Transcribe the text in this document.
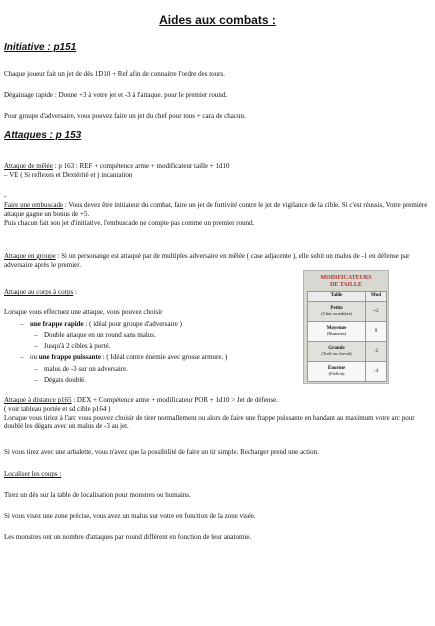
Aides aux combats :
Initiative : p151

Chaque joueur fait un jet de dès 1D10 + Ref afin de connaitre l'ordre des tours.

Dégainage rapide : Donne +3 à votre jet et -3 à l'attaque. pour le premier round.

Pour groupe d'adversaire, vous pouvez faire un jet du chef pour tous + cara de chacun.

Attaques : p 153

Attaque de mêlée : p 163 : REF + compétence arme + modificateur taille + 1d10
– VE ( Si reflexes et Dextérité et ) incantation

-

Faire une embuscade : Vous devez être initiateur du combat, faire un jet de furtivité contre le jet de vigilance de la cible. Si c'est réussis, Votre première attaque gagne un bonus de +5.
Puis chacun fait son jet d'initiative, l'embuscade ne compte pas comme un premier round.

Attaque en groupe : Si un personange est attaqué par de multiples adversaire en mêlée ( case adjacente ), elle subit un malus de -1 en défense par adversaire après le premier.

Attaque au corps à corps :

Lorsque vous effectuez une attaque, vous pouvez choisir

– une frappe rapide : ( idéal pour groupe d'adversaire )
– Double attaque en un round sans malus.
– Jusqu'à 2 cibles à porté.
– ou une frappe puissante : ( Idéal contre énemie avec grosse armure. )
– malus de -3 sur un adversaire.
– Dégats doublé.

Attaque à distance p165 : DEX + Compétence arme + modificateur POR + 1d10 > Jet de défense.
( voir tableau portée et sd cible p164 )
Lorsque vous tiriez à l'arc vous pouvez choisir de tirer normallement ou alors de faire une frappe puissante en bandant au maximum votre arc pour doublé les dégats avec un malus de -3 au jet.

Si vous tirez avec une arbalette, vous n'avez que la possibilité de faire un tir simple. Recharger prend une action.

Localiser les coups :

Tirez un dès sur la table de localisation pour monstres ou humains.

Si vous visez une zone précise, vous avez un malus sur votre en fonction de la zone visée.

Les monstres ont un nombre d'attaques par round différent en fonction de leur anatomie.

MODIFICATEURS
DE TAILLE
Taille	Mod

Petite
(Chat ou nekker)	+2

Moyenne
(Humains)	0

Grande
(Troll ou cheval)	-2

Énorme
(Fiellon)	-4
